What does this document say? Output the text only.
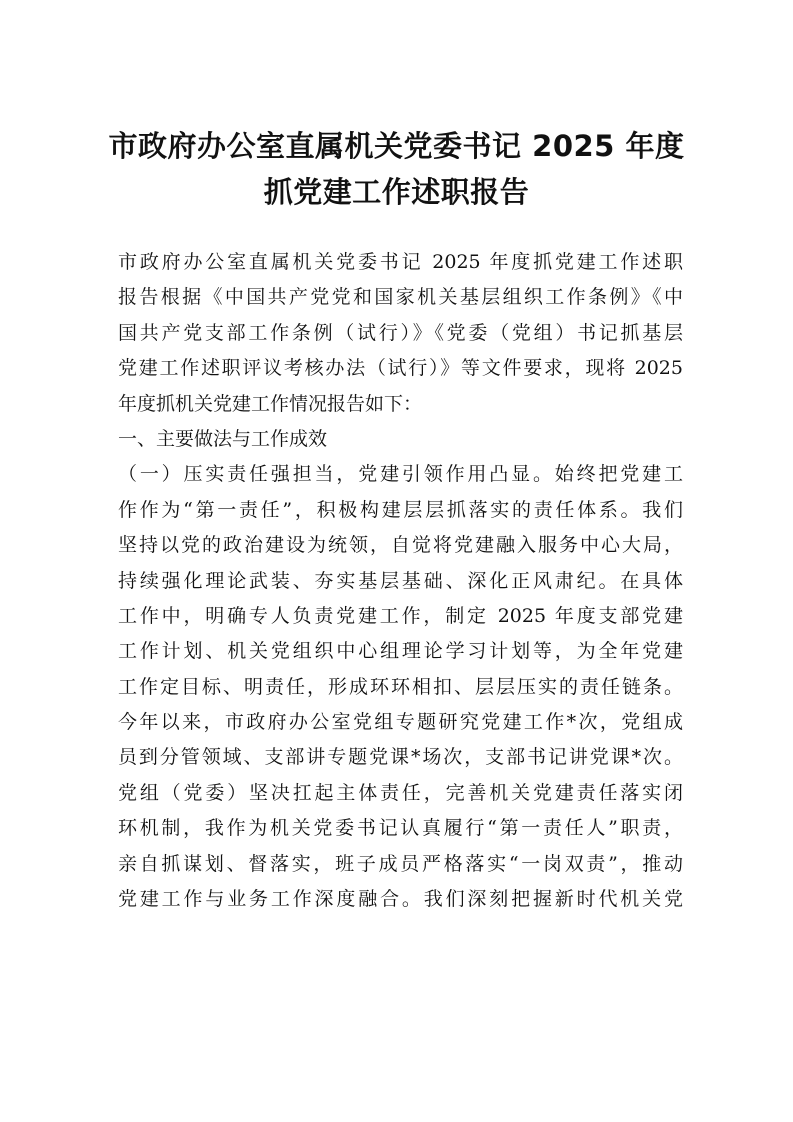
市政府办公室直属机关党委书记 2025 年度
抓党建工作述职报告
市政府办公室直属机关党委书记 2025 年度抓党建工作述职
报告根据《中国共产党党和国家机关基层组织工作条例》《中
国共产党支部工作条例（试行）》《党委（党组）书记抓基层
党建工作述职评议考核办法（试行）》等文件要求，现将 2025
年度抓机关党建工作情况报告如下：
一、主要做法与工作成效
（一）压实责任强担当，党建引领作用凸显。始终把党建工
作作为“第一责任”，积极构建层层抓落实的责任体系。我们
坚持以党的政治建设为统领，自觉将党建融入服务中心大局，
持续强化理论武装、夯实基层基础、深化正风肃纪。在具体
工作中，明确专人负责党建工作，制定 2025 年度支部党建
工作计划、机关党组织中心组理论学习计划等，为全年党建
工作定目标、明责任，形成环环相扣、层层压实的责任链条。
今年以来，市政府办公室党组专题研究党建工作*次，党组成
员到分管领域、支部讲专题党课*场次，支部书记讲党课*次。
党组（党委）坚决扛起主体责任，完善机关党建责任落实闭
环机制，我作为机关党委书记认真履行“第一责任人”职责，
亲自抓谋划、督落实，班子成员严格落实“一岗双责”，推动
党建工作与业务工作深度融合。我们深刻把握新时代机关党
